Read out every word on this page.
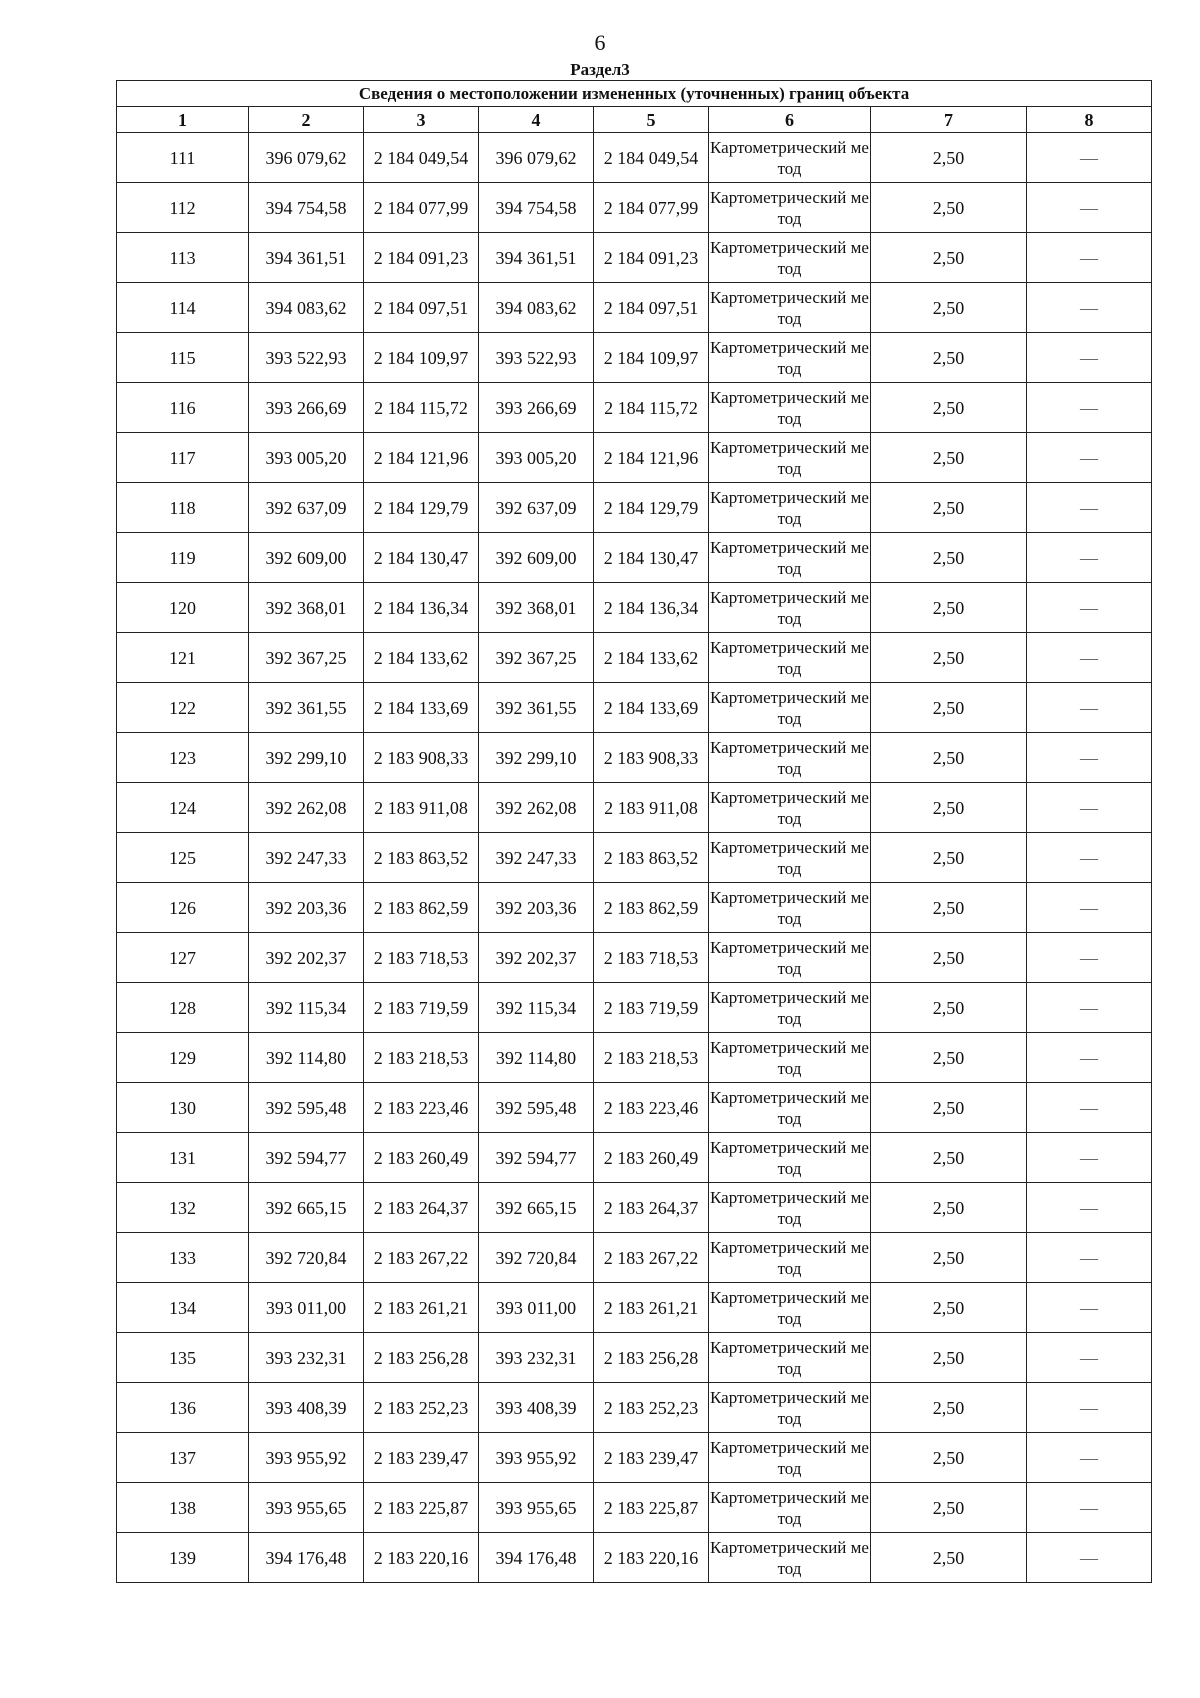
6
Раздел3
Сведения о местоположении измененных (уточненных) границ объекта							
1	2	3	4	5	6	7	8
111	396 079,62	2 184 049,54	396 079,62	2 184 049,54	Картометрический метод	2,50	—
112	394 754,58	2 184 077,99	394 754,58	2 184 077,99	Картометрический метод	2,50	—
113	394 361,51	2 184 091,23	394 361,51	2 184 091,23	Картометрический метод	2,50	—
114	394 083,62	2 184 097,51	394 083,62	2 184 097,51	Картометрический метод	2,50	—
115	393 522,93	2 184 109,97	393 522,93	2 184 109,97	Картометрический метод	2,50	—
116	393 266,69	2 184 115,72	393 266,69	2 184 115,72	Картометрический метод	2,50	—
117	393 005,20	2 184 121,96	393 005,20	2 184 121,96	Картометрический метод	2,50	—
118	392 637,09	2 184 129,79	392 637,09	2 184 129,79	Картометрический метод	2,50	—
119	392 609,00	2 184 130,47	392 609,00	2 184 130,47	Картометрический метод	2,50	—
120	392 368,01	2 184 136,34	392 368,01	2 184 136,34	Картометрический метод	2,50	—
121	392 367,25	2 184 133,62	392 367,25	2 184 133,62	Картометрический метод	2,50	—
122	392 361,55	2 184 133,69	392 361,55	2 184 133,69	Картометрический метод	2,50	—
123	392 299,10	2 183 908,33	392 299,10	2 183 908,33	Картометрический метод	2,50	—
124	392 262,08	2 183 911,08	392 262,08	2 183 911,08	Картометрический метод	2,50	—
125	392 247,33	2 183 863,52	392 247,33	2 183 863,52	Картометрический метод	2,50	—
126	392 203,36	2 183 862,59	392 203,36	2 183 862,59	Картометрический метод	2,50	—
127	392 202,37	2 183 718,53	392 202,37	2 183 718,53	Картометрический метод	2,50	—
128	392 115,34	2 183 719,59	392 115,34	2 183 719,59	Картометрический метод	2,50	—
129	392 114,80	2 183 218,53	392 114,80	2 183 218,53	Картометрический метод	2,50	—
130	392 595,48	2 183 223,46	392 595,48	2 183 223,46	Картометрический метод	2,50	—
131	392 594,77	2 183 260,49	392 594,77	2 183 260,49	Картометрический метод	2,50	—
132	392 665,15	2 183 264,37	392 665,15	2 183 264,37	Картометрический метод	2,50	—
133	392 720,84	2 183 267,22	392 720,84	2 183 267,22	Картометрический метод	2,50	—
134	393 011,00	2 183 261,21	393 011,00	2 183 261,21	Картометрический метод	2,50	—
135	393 232,31	2 183 256,28	393 232,31	2 183 256,28	Картометрический метод	2,50	—
136	393 408,39	2 183 252,23	393 408,39	2 183 252,23	Картометрический метод	2,50	—
137	393 955,92	2 183 239,47	393 955,92	2 183 239,47	Картометрический метод	2,50	—
138	393 955,65	2 183 225,87	393 955,65	2 183 225,87	Картометрический метод	2,50	—
139	394 176,48	2 183 220,16	394 176,48	2 183 220,16	Картометрический метод	2,50	—
